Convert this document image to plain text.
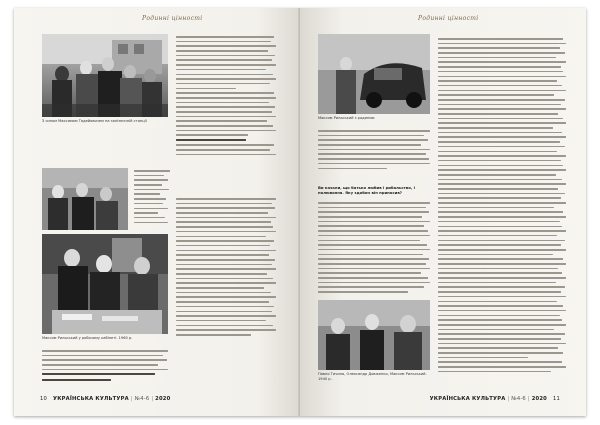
Родинні цінності
З сином Максимом Тадейовичем на залізничній станції
Максим Рильський у робочому кабінеті. 1960 р.
10 УКРАЇНСЬКА КУЛЬТУРА | №4-6 | 2020
Родинні цінності
Максим Рильський з родиною
Ви казали, що батько любив і рибальство, і полювання. Яку здобич він приносив?
Павло Тичина, Олександр Довженко, Максим Рильський. 1940 р.
УКРАЇНСЬКА КУЛЬТУРА | №4-6 | 2020 11
